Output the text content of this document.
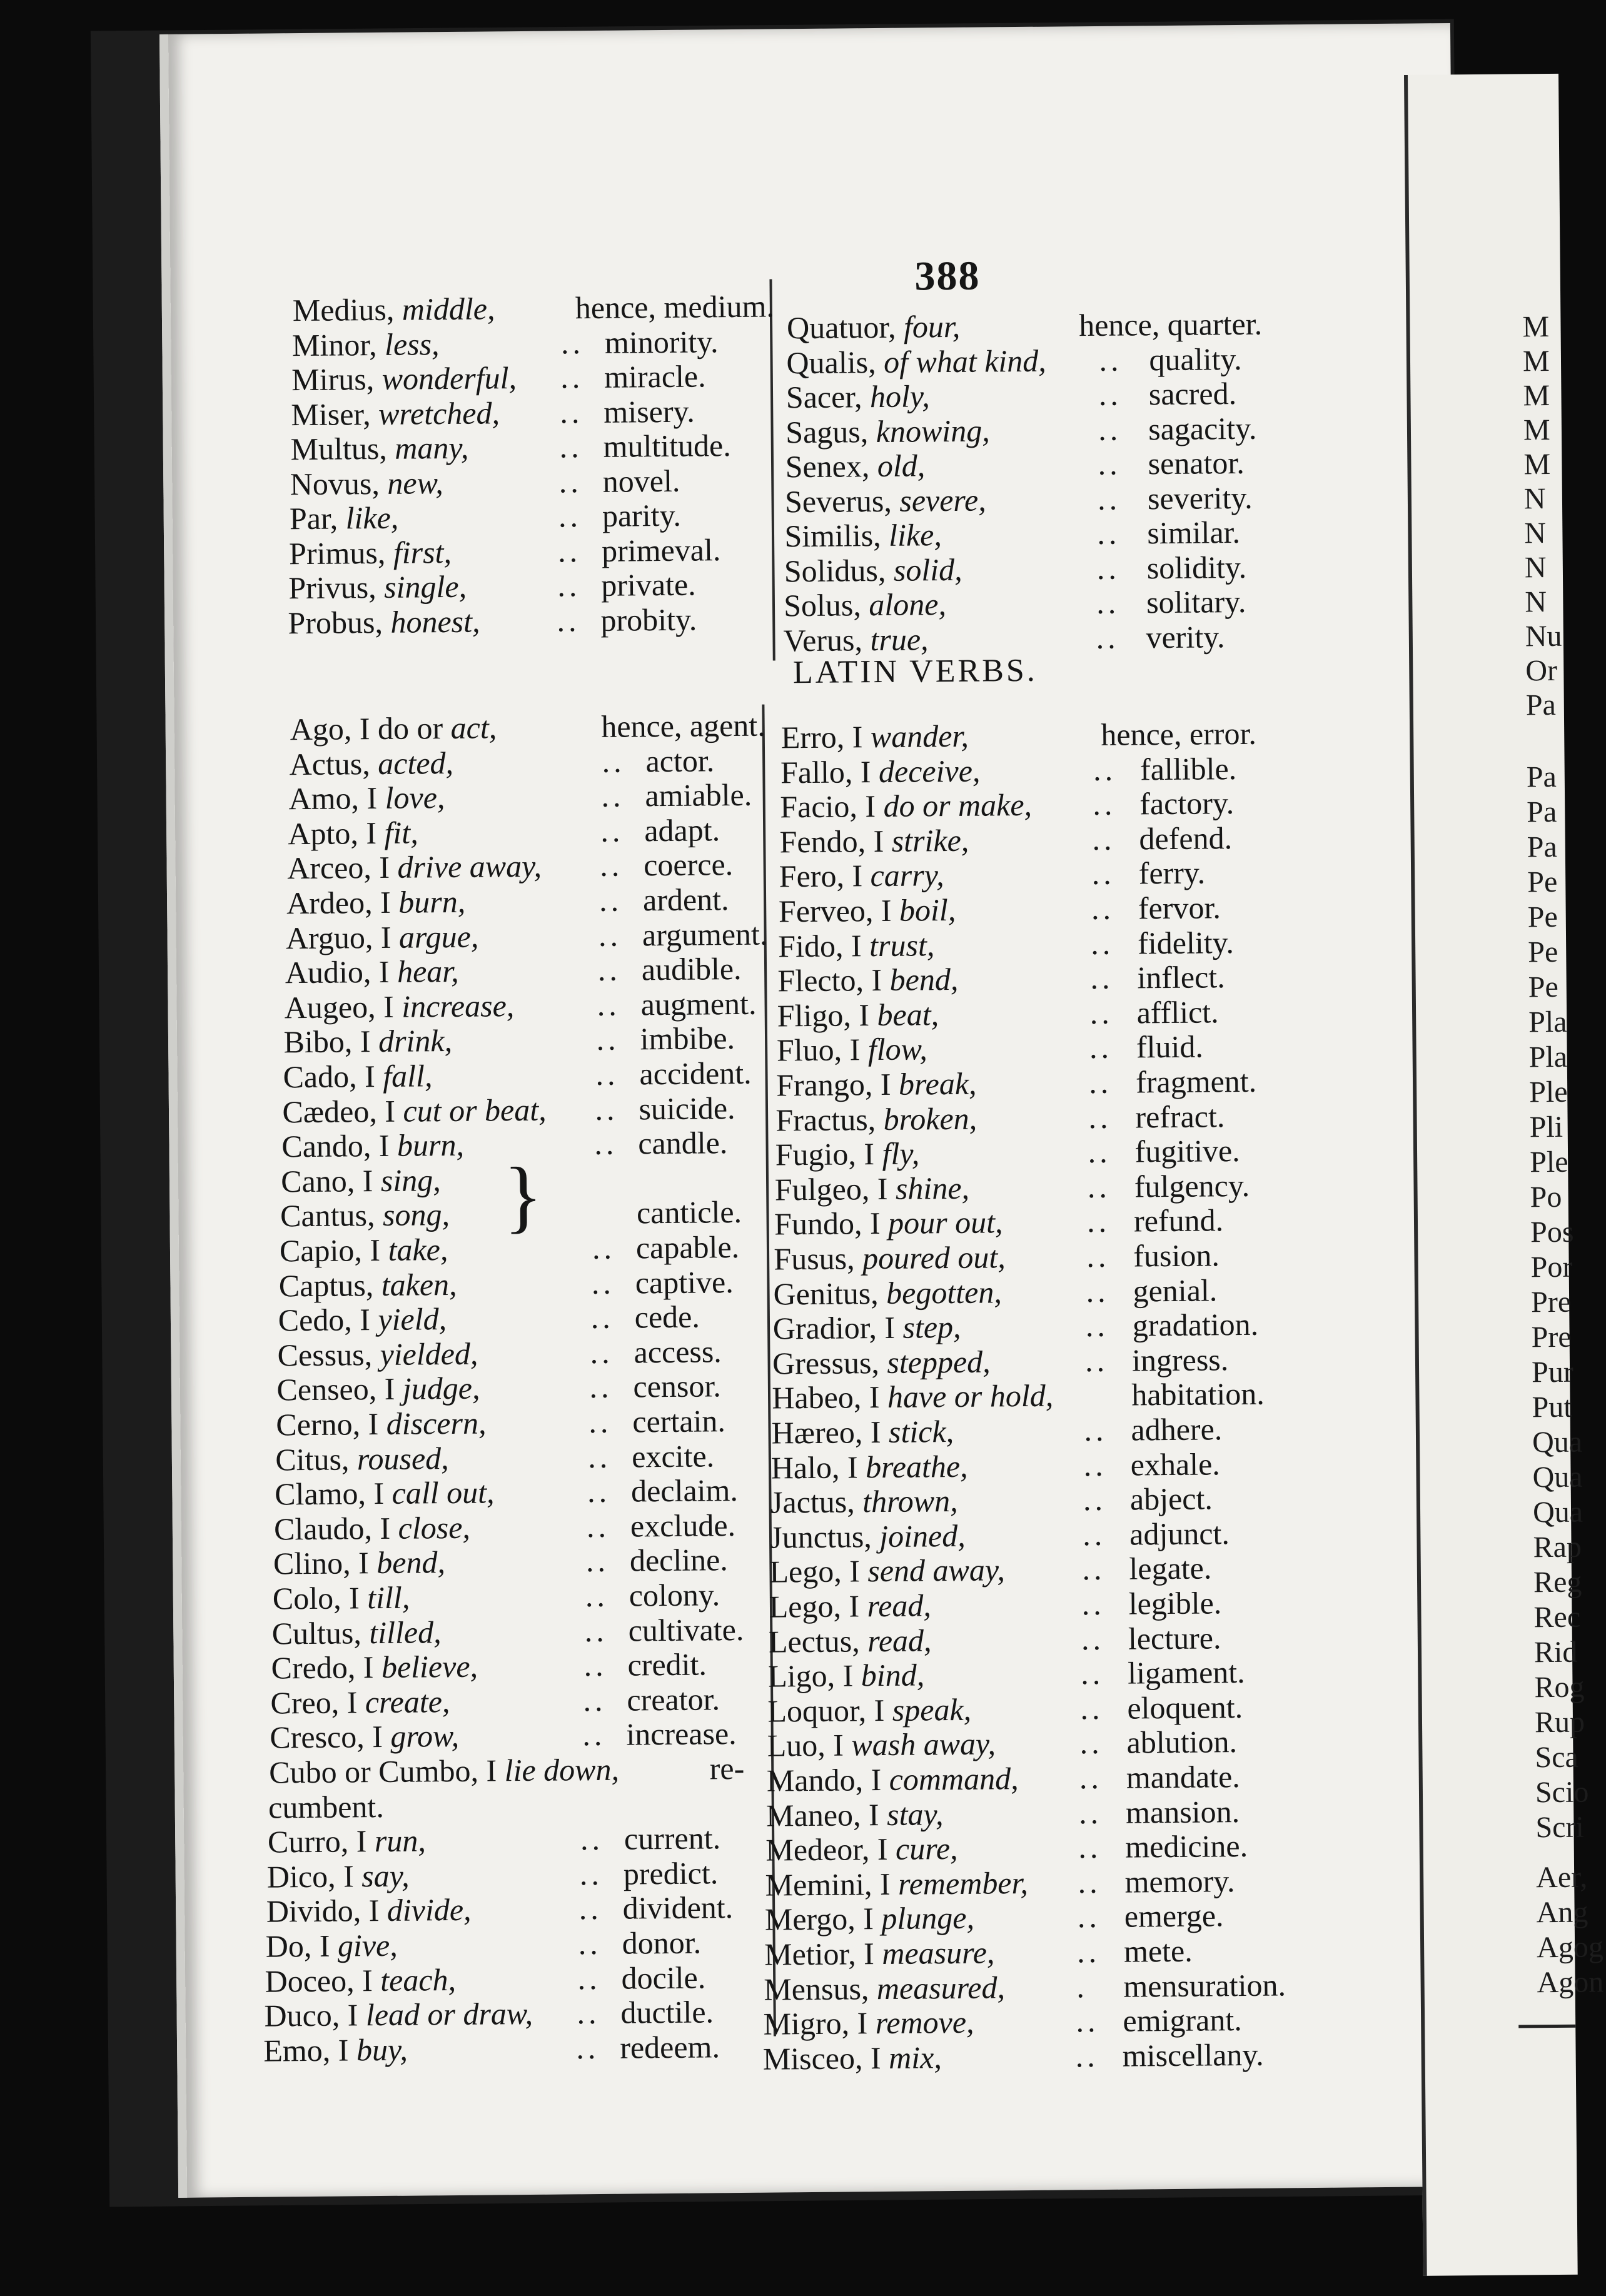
388
LATIN VERBS.
Medius, middle,	hence, medium.
Minor, less,	.. minority.
Mirus, wonderful, .. miracle.
Miser, wretched, .. misery.
Multus, many,	.. multitude.
Novus, new,	.. novel.
Par, like,	.. parity.
Primus, first,	.. primeval.
Privus, single,	.. private.
Probus, honest, .. probity.
Quatuor, four,	hence, quarter.
Qualis, of what kind, .. quality.
Sacer, holy,	.. sacred.
Sagus, knowing,	.. sagacity.
Senex, old,	.. senator.
Severus, severe,	.. severity.
Similis, like,	.. similar.
Solidus, solid,	.. solidity.
Solus, alone,	.. solitary.
Verus, true,	.. verity.
Ago, I do or act,	hence, agent.
Actus, acted,	.. actor.
Amo, I love,	.. amiable.
Apto, I fit,	.. adapt.
Arceo, I drive away, .. coerce.
Ardeo, I burn,	.. ardent.
Arguo, I argue,	.. argument.
Audio, I hear,	.. audible.
Augeo, I increase,	.. augment.
Bibo, I drink,	.. imbibe.
Cado, I fall,	.. accident.
Cædeo, I cut or beat, .. suicide.
Cando, I burn,	.. candle.
Cano, I sing,
Cantus, song,	canticle.
Capio, I take,	.. capable.
Captus, taken,	.. captive.
Cedo, I yield,	.. cede.
Cessus, yielded,	.. access.
Censeo, I judge,	.. censor.
Cerno, I discern,	.. certain.
Citus, roused,	.. excite.
Clamo, I call out,	.. declaim.
Claudo, I close,	.. exclude.
Clino, I bend,	.. decline.
Colo, I till,	.. colony.
Cultus, tilled,	.. cultivate.
Credo, I believe,	.. credit.
Creo, I create,	.. creator.
Cresco, I grow,	.. increase.
Cubo or Cumbo, I lie down,	re-
cumbent.
Curro, I run,	.. current.
Dico, I say,	.. predict.
Divido, I divide,	.. divident.
Do, I give,	.. donor.
Doceo, I teach,	.. docile.
Duco, I lead or draw, .. ductile.
Emo, I buy,	.. redeem.
Erro, I wander,	hence, error.
Fallo, I deceive,	.. fallible.
Facio, I do or make, .. factory.
Fendo, I strike,	.. defend.
Fero, I carry,	.. ferry.
Ferveo, I boil,	.. fervor.
Fido, I trust,	.. fidelity.
Flecto, I bend,	.. inflect.
Fligo, I beat,	.. afflict.
Fluo, I flow,	.. fluid.
Frango, I break,	.. fragment.
Fractus, broken,	.. refract.
Fugio, I fly,	.. fugitive.
Fulgeo, I shine,	.. fulgency.
Fundo, I pour out,	.. refund.
Fusus, poured out,	.. fusion.
Genitus, begotten,	.. genial.
Gradior, I step,	.. gradation.
Gressus, stepped,	.. ingress.
Habeo, I have or hold, habitation.
Hæreo, I stick,	.. adhere.
Halo, I breathe,	.. exhale.
Jactus, thrown,	.. abject.
Junctus, joined,	.. adjunct.
Lego, I send away, .. legate.
Lego, I read,	.. legible.
Lectus, read,	.. lecture.
Ligo, I bind,	.. ligament.
Loquor, I speak,	.. eloquent.
Luo, I wash away,	.. ablution.
Mando, I command, .. mandate.
Maneo, I stay,	.. mansion.
Medeor, I cure,	.. medicine.
Memini, I remember, .. memory.
Mergo, I plunge,	.. emerge.
Metior, I measure,	.. mete.
Mensus, measured, . mensuration.
Migro, I remove,	.. emigrant.
Misceo, I mix,	.. miscellany.
}
M
M
M
M
M
N
N
N
N
Nu
Or
Pa
Pa
Pa
Pa
Pe
Pe
Pe
Pe
Pla
Pla
Ple
Pli
Ple
Po
Pos
Por
Pre
Pre
Pur
Put
Qua
Qua
Qua
Rap
Reg
Rec
Rid
Rog
Rup
Sca
Scio
Scri
Aer,
Ang
Agog
Agon
